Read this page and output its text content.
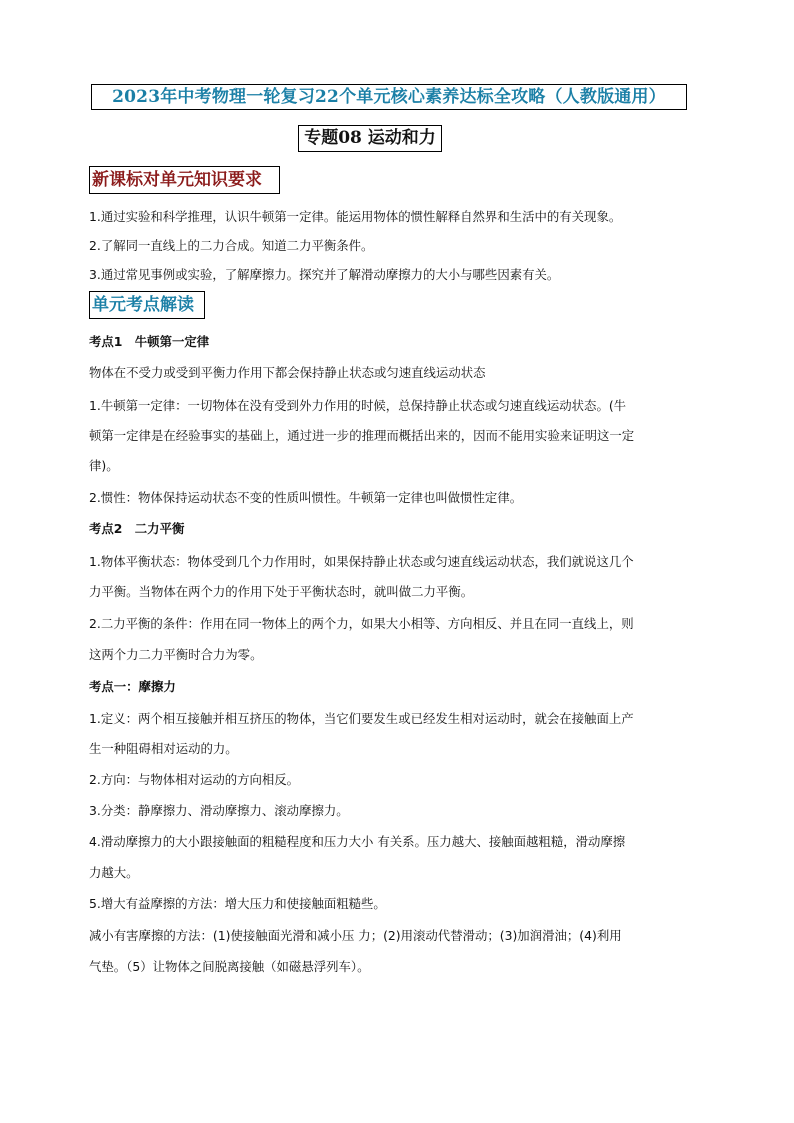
2023年中考物理一轮复习22个单元核心素养达标全攻略（人教版通用）
专题08 运动和力
新课标对单元知识要求
1.通过实验和科学推理，认识牛顿第一定律。能运用物体的惯性解释自然界和生活中的有关现象。
2.了解同一直线上的二力合成。知道二力平衡条件。
3.通过常见事例或实验，了解摩擦力。探究并了解滑动摩擦力的大小与哪些因素有关。
单元考点解读
考点1　牛顿第一定律
物体在不受力或受到平衡力作用下都会保持静止状态或匀速直线运动状态
1.牛顿第一定律：一切物体在没有受到外力作用的时候，总保持静止状态或匀速直线运动状态。(牛
顿第一定律是在经验事实的基础上，通过进一步的推理而概括出来的，因而不能用实验来证明这一定
律)。
2.惯性：物体保持运动状态不变的性质叫惯性。牛顿第一定律也叫做惯性定律。
考点2　二力平衡
1.物体平衡状态：物体受到几个力作用时，如果保持静止状态或匀速直线运动状态，我们就说这几个
力平衡。当物体在两个力的作用下处于平衡状态时，就叫做二力平衡。
2.二力平衡的条件：作用在同一物体上的两个力，如果大小相等、方向相反、并且在同一直线上，则
这两个力二力平衡时合力为零。
考点一：摩擦力
1.定义：两个相互接触并相互挤压的物体，当它们要发生或已经发生相对运动时，就会在接触面上产
生一种阻碍相对运动的力。
2.方向：与物体相对运动的方向相反。
3.分类：静摩擦力、滑动摩擦力、滚动摩擦力。
4.滑动摩擦力的大小跟接触面的粗糙程度和压力大小 有关系。压力越大、接触面越粗糙，滑动摩擦
力越大。
5.增大有益摩擦的方法：增大压力和使接触面粗糙些。
减小有害摩擦的方法：(1)使接触面光滑和减小压 力；(2)用滚动代替滑动；(3)加润滑油；(4)利用
气垫。（5）让物体之间脱离接触（如磁悬浮列车）。
